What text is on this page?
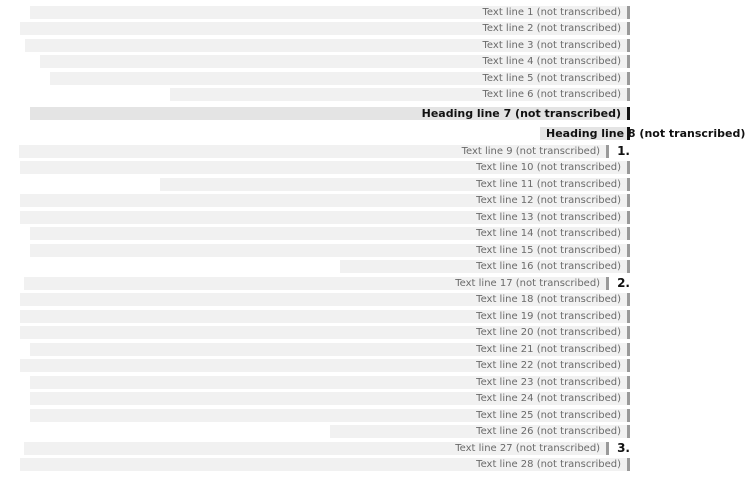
Text line 1 (not transcribed)
Text line 2 (not transcribed)
Text line 3 (not transcribed)
Text line 4 (not transcribed)
Text line 5 (not transcribed)
Text line 6 (not transcribed)
Heading line 7 (not transcribed)
Heading line 8 (not transcribed)
1.
Text line 9 (not transcribed)
Text line 10 (not transcribed)
Text line 11 (not transcribed)
Text line 12 (not transcribed)
Text line 13 (not transcribed)
Text line 14 (not transcribed)
Text line 15 (not transcribed)
Text line 16 (not transcribed)
2.
Text line 17 (not transcribed)
Text line 18 (not transcribed)
Text line 19 (not transcribed)
Text line 20 (not transcribed)
Text line 21 (not transcribed)
Text line 22 (not transcribed)
Text line 23 (not transcribed)
Text line 24 (not transcribed)
Text line 25 (not transcribed)
Text line 26 (not transcribed)
3.
Text line 27 (not transcribed)
Text line 28 (not transcribed)
